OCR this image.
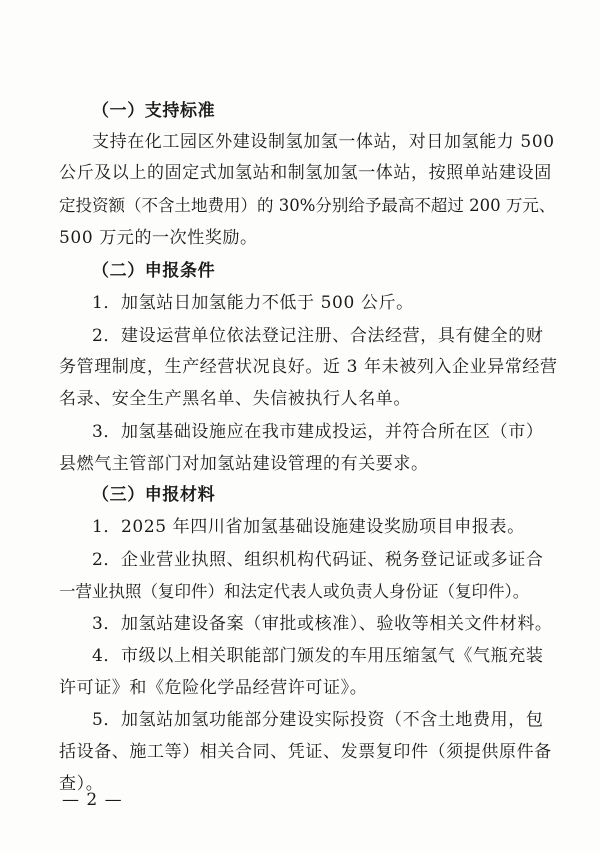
（一）支持标准
支持在化工园区外建设制氢加氢一体站，对日加氢能力 500
公斤及以上的固定式加氢站和制氢加氢一体站，按照单站建设固
定投资额（不含土地费用）的 30%分别给予最高不超过 200 万元、
500 万元的一次性奖励。
（二）申报条件
1．加氢站日加氢能力不低于 500 公斤。
2．建设运营单位依法登记注册、合法经营，具有健全的财
务管理制度，生产经营状况良好。近 3 年未被列入企业异常经营
名录、安全生产黑名单、失信被执行人名单。
3．加氢基础设施应在我市建成投运，并符合所在区（市）
县燃气主管部门对加氢站建设管理的有关要求。
（三）申报材料
1．2025 年四川省加氢基础设施建设奖励项目申报表。
2．企业营业执照、组织机构代码证、税务登记证或多证合
一营业执照（复印件）和法定代表人或负责人身份证（复印件）。
3．加氢站建设备案（审批或核准）、验收等相关文件材料。
4．市级以上相关职能部门颁发的车用压缩氢气《气瓶充装
许可证》和《危险化学品经营许可证》。
5．加氢站加氢功能部分建设实际投资（不含土地费用，包
括设备、施工等）相关合同、凭证、发票复印件（须提供原件备
查）。
— 2 —
